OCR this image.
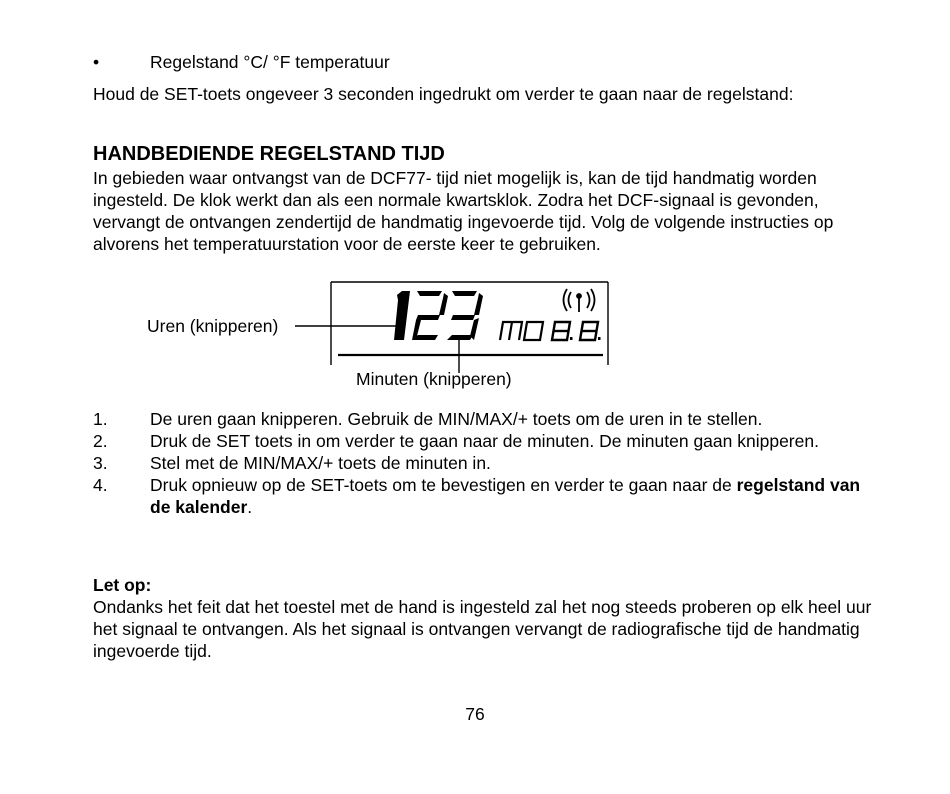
•	Regelstand °C/ °F temperatuur
Houd de SET-toets ongeveer 3 seconden ingedrukt om verder te gaan naar de regelstand:
HANDBEDIENDE REGELSTAND TIJD
In gebieden waar ontvangst van de DCF77- tijd niet mogelijk is, kan de tijd handmatig worden ingesteld. De klok werkt dan als een normale kwartsklok. Zodra het DCF-signaal is gevonden, vervangt de ontvangen zendertijd de handmatig ingevoerde tijd. Volg de volgende instructies op alvorens het temperatuurstation voor de eerste keer te gebruiken.
Uren (knipperen)
Minuten (knipperen)
1. De uren gaan knipperen. Gebruik de MIN/MAX/+ toets om de uren in te stellen.
2. Druk de SET toets in om verder te gaan naar de minuten. De minuten gaan knipperen.
3. Stel met de MIN/MAX/+ toets de minuten in.
4. Druk opnieuw op de SET-toets om te bevestigen en verder te gaan naar de regelstand van de kalender.
Let op:
Ondanks het feit dat het toestel met de hand is ingesteld zal het nog steeds proberen op elk heel uur het signaal te ontvangen. Als het signaal is ontvangen vervangt de radiografische tijd de handmatig ingevoerde tijd.
76
